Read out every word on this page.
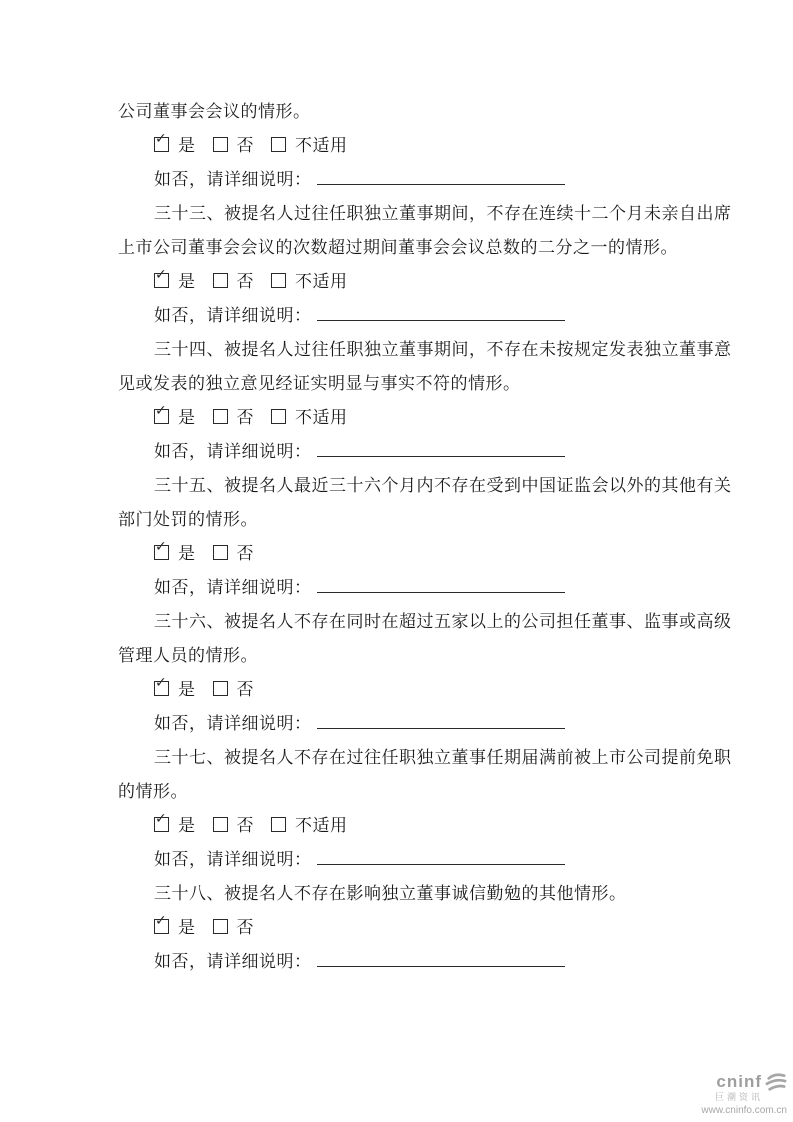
公司董事会会议的情形。
✓ 是 否 不适用
如否，请详细说明：
三十三、被提名人过往任职独立董事期间，不存在连续十二个月未亲自出席
上市公司董事会会议的次数超过期间董事会会议总数的二分之一的情形。
✓ 是 否 不适用
如否，请详细说明：
三十四、被提名人过往任职独立董事期间，不存在未按规定发表独立董事意
见或发表的独立意见经证实明显与事实不符的情形。
✓ 是 否 不适用
如否，请详细说明：
三十五、被提名人最近三十六个月内不存在受到中国证监会以外的其他有关
部门处罚的情形。
✓ 是 否
如否，请详细说明：
三十六、被提名人不存在同时在超过五家以上的公司担任董事、监事或高级
管理人员的情形。
✓ 是 否
如否，请详细说明：
三十七、被提名人不存在过往任职独立董事任期届满前被上市公司提前免职
的情形。
✓ 是 否 不适用
如否，请详细说明：
三十八、被提名人不存在影响独立董事诚信勤勉的其他情形。
✓ 是 否
如否，请详细说明：
cninf
巨潮资讯
www.cninfo.com.cn
